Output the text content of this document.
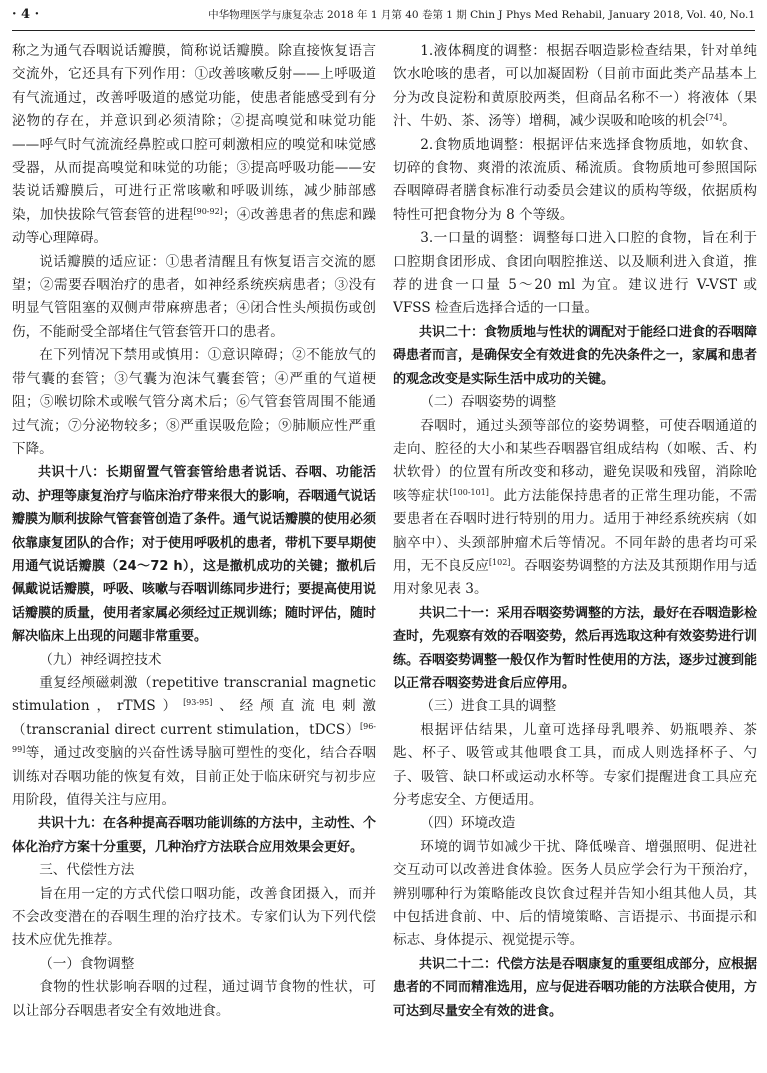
· 4 ·	中华物理医学与康复杂志 2018 年 1 月第 40 卷第 1 期 Chin J Phys Med Rehabil, January 2018, Vol. 40, No.1

称之为通气吞咽说话瓣膜，简称说话瓣膜。除直接恢复语言交流外，它还具有下列作用：①改善咳嗽反射——上呼吸道有气流通过，改善呼吸道的感觉功能，使患者能感受到有分泌物的存在，并意识到必须清除；②提高嗅觉和味觉功能——呼气时气流流经鼻腔或口腔可刺激相应的嗅觉和味觉感受器，从而提高嗅觉和味觉的功能；③提高呼吸功能——安装说话瓣膜后，可进行正常咳嗽和呼吸训练，减少肺部感染，加快拔除气管套管的进程[90-92]；④改善患者的焦虑和躁动等心理障碍。

说话瓣膜的适应证：①患者清醒且有恢复语言交流的愿望；②需要吞咽治疗的患者，如神经系统疾病患者；③没有明显气管阻塞的双侧声带麻痹患者；④闭合性头颅损伤或创伤，不能耐受全部堵住气管套管开口的患者。

在下列情况下禁用或慎用：①意识障碍；②不能放气的带气囊的套管；③气囊为泡沫气囊套管；④严重的气道梗阻；⑤喉切除术或喉气管分离术后；⑥气管套管周围不能通过气流；⑦分泌物较多；⑧严重误吸危险；⑨肺顺应性严重下降。

共识十八：长期留置气管套管给患者说话、吞咽、功能活动、护理等康复治疗与临床治疗带来很大的影响，吞咽通气说话瓣膜为顺利拔除气管套管创造了条件。通气说话瓣膜的使用必须依靠康复团队的合作；对于使用呼吸机的患者，带机下要早期使用通气说话瓣膜（24～72 h），这是撤机成功的关键；撤机后佩戴说话瓣膜，呼吸、咳嗽与吞咽训练同步进行；要提高使用说话瓣膜的质量，使用者家属必须经过正规训练；随时评估，随时解决临床上出现的问题非常重要。

（九）神经调控技术

重复经颅磁刺激（repetitive transcranial magnetic stimulation，rTMS）[93-95]、经颅直流电刺激（transcranial direct current stimulation，tDCS）[96-99]等，通过改变脑的兴奋性诱导脑可塑性的变化，结合吞咽训练对吞咽功能的恢复有效，目前正处于临床研究与初步应用阶段，值得关注与应用。

共识十九：在各种提高吞咽功能训练的方法中，主动性、个体化治疗方案十分重要，几种治疗方法联合应用效果会更好。

三、代偿性方法

旨在用一定的方式代偿口咽功能，改善食团摄入，而并不会改变潜在的吞咽生理的治疗技术。专家们认为下列代偿技术应优先推荐。

（一）食物调整

食物的性状影响吞咽的过程，通过调节食物的性状，可以让部分吞咽患者安全有效地进食。

1.液体稠度的调整：根据吞咽造影检查结果，针对单纯饮水呛咳的患者，可以加凝固粉（目前市面此类产品基本上分为改良淀粉和黄原胶两类，但商品名称不一）将液体（果汁、牛奶、茶、汤等）增稠，减少误吸和呛咳的机会[74]。

2.食物质地调整：根据评估来选择食物质地，如软食、切碎的食物、爽滑的浓流质、稀流质。食物质地可参照国际吞咽障碍者膳食标准行动委员会建议的质构等级，依据质构特性可把食物分为 8 个等级。

3.一口量的调整：调整每口进入口腔的食物，旨在利于口腔期食团形成、食团向咽腔推送、以及顺利进入食道，推荐的进食一口量 5～20 ml 为宜。建议进行 V-VST 或 VFSS 检查后选择合适的一口量。

共识二十：食物质地与性状的调配对于能经口进食的吞咽障碍患者而言，是确保安全有效进食的先决条件之一，家属和患者的观念改变是实际生活中成功的关键。

（二）吞咽姿势的调整

吞咽时，通过头颈等部位的姿势调整，可使吞咽通道的走向、腔径的大小和某些吞咽器官组成结构（如喉、舌、杓状软骨）的位置有所改变和移动，避免误吸和残留，消除呛咳等症状[100-101]。此方法能保持患者的正常生理功能，不需要患者在吞咽时进行特别的用力。适用于神经系统疾病（如脑卒中）、头颈部肿瘤术后等情况。不同年龄的患者均可采用，无不良反应[102]。吞咽姿势调整的方法及其预期作用与适用对象见表 3。

共识二十一：采用吞咽姿势调整的方法，最好在吞咽造影检查时，先观察有效的吞咽姿势，然后再选取这种有效姿势进行训练。吞咽姿势调整一般仅作为暂时性使用的方法，逐步过渡到能以正常吞咽姿势进食后应停用。

（三）进食工具的调整

根据评估结果，儿童可选择母乳喂养、奶瓶喂养、茶匙、杯子、吸管或其他喂食工具，而成人则选择杯子、勺子、吸管、缺口杯或运动水杯等。专家们提醒进食工具应充分考虑安全、方便适用。

（四）环境改造

环境的调节如减少干扰、降低噪音、增强照明、促进社交互动可以改善进食体验。医务人员应学会行为干预治疗，辨别哪种行为策略能改良饮食过程并告知小组其他人员，其中包括进食前、中、后的情境策略、言语提示、书面提示和标志、身体提示、视觉提示等。

共识二十二：代偿方法是吞咽康复的重要组成部分，应根据患者的不同而精准选用，应与促进吞咽功能的方法联合使用，方可达到尽量安全有效的进食。
